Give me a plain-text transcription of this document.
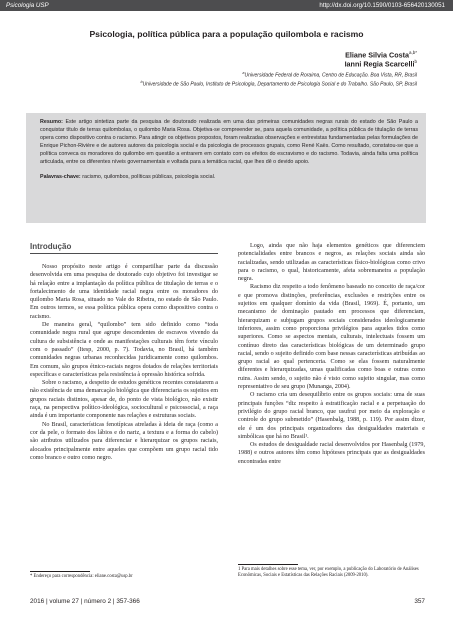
Psicologia USP	http://dx.doi.org/10.1590/0103-656420130051
Psicologia, política pública para a população quilombola e racismo
Eliane Silvia Costa$^{a,b*}$
Ianni Regia Scarcelli$^b$
$^a$Universidade Federal de Roraima, Centro de Educação. Boa Vista, RR, Brasil
$^b$Universidade de São Paulo, Instituto de Psicologia, Departamento de Psicologia Social e do Trabalho. São Paulo, SP, Brasil
Resumo: Este artigo sintetiza parte da pesquisa de doutorado realizada em uma das primeiras comunidades negras rurais do estado de São Paulo a conquistar título de terras quilombolas, o quilombo Maria Rosa. Objetiva-se compreender se, para aquela comunidade, a política pública de titulação de terras opera como dispositivo contra o racismo. Para atingir os objetivos propostos, foram realizadas observações e entrevistas fundamentadas pelas formulações de Enrique Pichon-Rivière e de autores autores da psicologia social e da psicologia de processos grupais, como René Kaës. Como resultado, constatou-se que a política conveca os moradores do quilombo em questão a entrarem em contato com os efeitos do escravismo e do racismo. Todavia, ainda falta uma política articulada, entre os diferentes níveis governamentais e voltada para a temática racial, que lhes dê o devido apoio.
Palavras-chave: racismo, quilombos, políticas públicas, psicologia social.
Introdução

Nosso propósito neste artigo é compartilhar parte da discussão desenvolvida em uma pesquisa de doutorado cujo objetivo foi investigar se há relação entre a implantação da política pública de titulação de terras e o fortalecimento de uma identidade racial negra entre os moradores do quilombo Maria Rosa, situado no Vale do Ribeira, no estado de São Paulo. Em outros termos, se essa política pública opera como dispositivo contra o racismo.

De maneira geral, “quilombo” tem sido definido como “toda comunidade negra rural que agrupe descendentes de escravos vivendo da cultura de subsistência e onde as manifestações culturais têm forte vínculo com o passado” (Itesp, 2000, p. 7). Todavia, no Brasil, há também comunidades negras urbanas reconhecidas juridicamente como quilombos. Em comum, são grupos étnico-raciais negros dotados de relações territoriais específicas e características pela resistência à opressão histórica sofrida.

Sobre o racismo, a despeito de estudos genéticos recentes constatarem a não existência de uma demarcação biológica que diferenciaria os sujeitos em grupos raciais distintos, apesar de, do ponto de vista biológico, não existir raça, na perspectiva político-ideológica, sociocultural e psicossocial, a raça ainda é um importante componente nas relações e estruturas sociais.

No Brasil, características fenotípicas atreladas à ideia de raça (como a cor da pele, o formato dos lábios e do nariz, a textura e a forma do cabelo) são atributos utilizados para diferenciar e hierarquizar os grupos raciais, alocados principalmente entre aqueles que compõem um grupo racial tido como branco e outro como negro.

Logo, ainda que não haja elementos genéticos que diferenciem potencialidades entre brancos e negros, as relações sociais ainda são racializadas, sendo utilizadas as características físico-biológicas como crivo para o racismo, o qual, historicamente, afeta sobremaneira a população negra.

Racismo diz respeito a todo fenômeno baseado no conceito de raça/cor e que promova distinções, preferências, exclusões e restrições entre os sujeitos em qualquer domínio da vida (Brasil, 1969). É, portanto, um mecanismo de dominação pautado em processos que diferenciam, hierarquizam e subjugam grupos sociais considerados ideologicamente inferiores, assim como proporciona privilégios para aqueles tidos como superiores. Como se aspectos mentais, culturais, intelectuais fossem um contínuo direto das características biológicas de um determinado grupo racial, sendo o sujeito definido com base nessas características atribuídas ao grupo racial ao qual pertenceria. Como se elas fossem naturalmente diferentes e hierarquizadas, umas qualificadas como boas e outras como ruins. Assim sendo, o sujeito não é visto como sujeito singular, mas como representativo de seu grupo (Munanga, 2004).

O racismo cria um desequilíbrio entre os grupos sociais: uma de suas principais funções “diz respeito à estratificação racial e a perpetuação do privilégio do grupo racial branco, que usufrui por meio da exploração e controle do grupo submetido” (Hasenbalg, 1988, p. 119). Por assim dizer, ele é um dos principais organizadores das desigualdades materiais e simbólicas que há no Brasil¹.

Os estudos de desigualdade racial desenvolvidos por Hasenbalg (1979, 1988) e outros autores têm como hipóteses principais que as desigualdades encontradas entre

* Endereço para correspondência: eliane.costa@usp.br
1 Para mais detalhes sobre esse tema, ver, por exemplo, a publicação do Laboratório de Análises Econômicas, Sociais e Estatísticas das Relações Raciais (2009-2010).
2016 | volume 27 | número 2 | 357-366	357
